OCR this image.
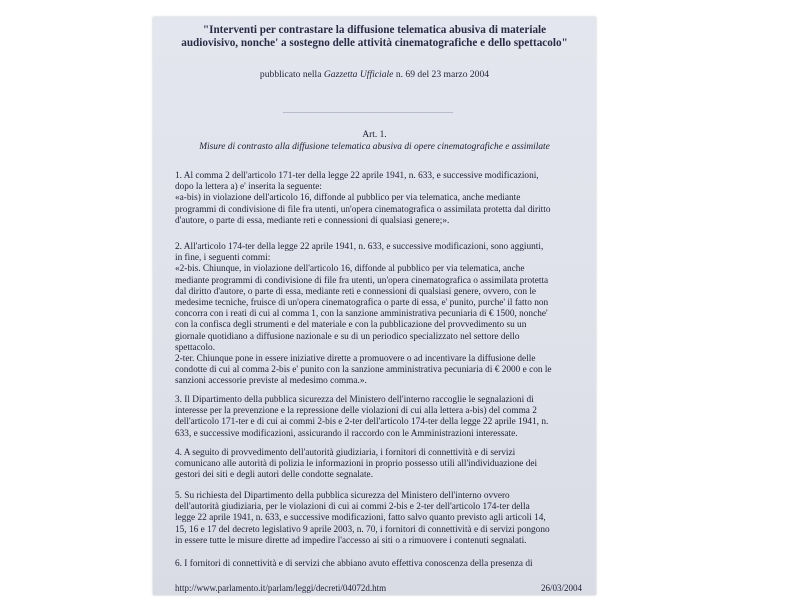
"Interventi per contrastare la diffusione telematica abusiva di materiale
audiovisivo, nonche' a sostegno delle attività cinematografiche e dello spettacolo"
pubblicato nella Gazzetta Ufficiale n. 69 del 23 marzo 2004
Art. 1.
Misure di contrasto alla diffusione telematica abusiva di opere cinematografiche e assimilate
1. Al comma 2 dell'articolo 171-ter della legge 22 aprile 1941, n. 633, e successive modificazioni,
dopo la lettera a) e' inserita la seguente:
«a-bis) in violazione dell'articolo 16, diffonde al pubblico per via telematica, anche mediante
programmi di condivisione di file fra utenti, un'opera cinematografica o assimilata protetta dal diritto
d'autore, o parte di essa, mediante reti e connessioni di qualsiasi genere;».
2. All'articolo 174-ter della legge 22 aprile 1941, n. 633, e successive modificazioni, sono aggiunti,
in fine, i seguenti commi:
«2-bis. Chiunque, in violazione dell'articolo 16, diffonde al pubblico per via telematica, anche
mediante programmi di condivisione di file fra utenti, un'opera cinematografica o assimilata protetta
dal diritto d'autore, o parte di essa, mediante reti e connessioni di qualsiasi genere, ovvero, con le
medesime tecniche, fruisce di un'opera cinematografica o parte di essa, e' punito, purche' il fatto non
concorra con i reati di cui al comma 1, con la sanzione amministrativa pecuniaria di € 1500, nonche'
con la confisca degli strumenti e del materiale e con la pubblicazione del provvedimento su un
giornale quotidiano a diffusione nazionale e su di un periodico specializzato nel settore dello
spettacolo.
2-ter. Chiunque pone in essere iniziative dirette a promuovere o ad incentivare la diffusione delle
condotte di cui al comma 2-bis e' punito con la sanzione amministrativa pecuniaria di € 2000 e con le
sanzioni accessorie previste al medesimo comma.».
3. Il Dipartimento della pubblica sicurezza del Ministero dell'interno raccoglie le segnalazioni di
interesse per la prevenzione e la repressione delle violazioni di cui alla lettera a-bis) del comma 2
dell'articolo 171-ter e di cui ai commi 2-bis e 2-ter dell'articolo 174-ter della legge 22 aprile 1941, n.
633, e successive modificazioni, assicurando il raccordo con le Amministrazioni interessate.
4. A seguito di provvedimento dell'autorità giudiziaria, i fornitori di connettività e di servizi
comunicano alle autorità di polizia le informazioni in proprio possesso utili all'individuazione dei
gestori dei siti e degli autori delle condotte segnalate.
5. Su richiesta del Dipartimento della pubblica sicurezza del Ministero dell'interno ovvero
dell'autorità giudiziaria, per le violazioni di cui ai commi 2-bis e 2-ter dell'articolo 174-ter della
legge 22 aprile 1941, n. 633, e successive modificazioni, fatto salvo quanto previsto agli articoli 14,
15, 16 e 17 del decreto legislativo 9 aprile 2003, n. 70, i fornitori di connettività e di servizi pongono
in essere tutte le misure dirette ad impedire l'accesso ai siti o a rimuovere i contenuti segnalati.
6. I fornitori di connettività e di servizi che abbiano avuto effettiva conoscenza della presenza di
http://www.parlamento.it/parlam/leggi/decreti/04072d.htm	26/03/2004
